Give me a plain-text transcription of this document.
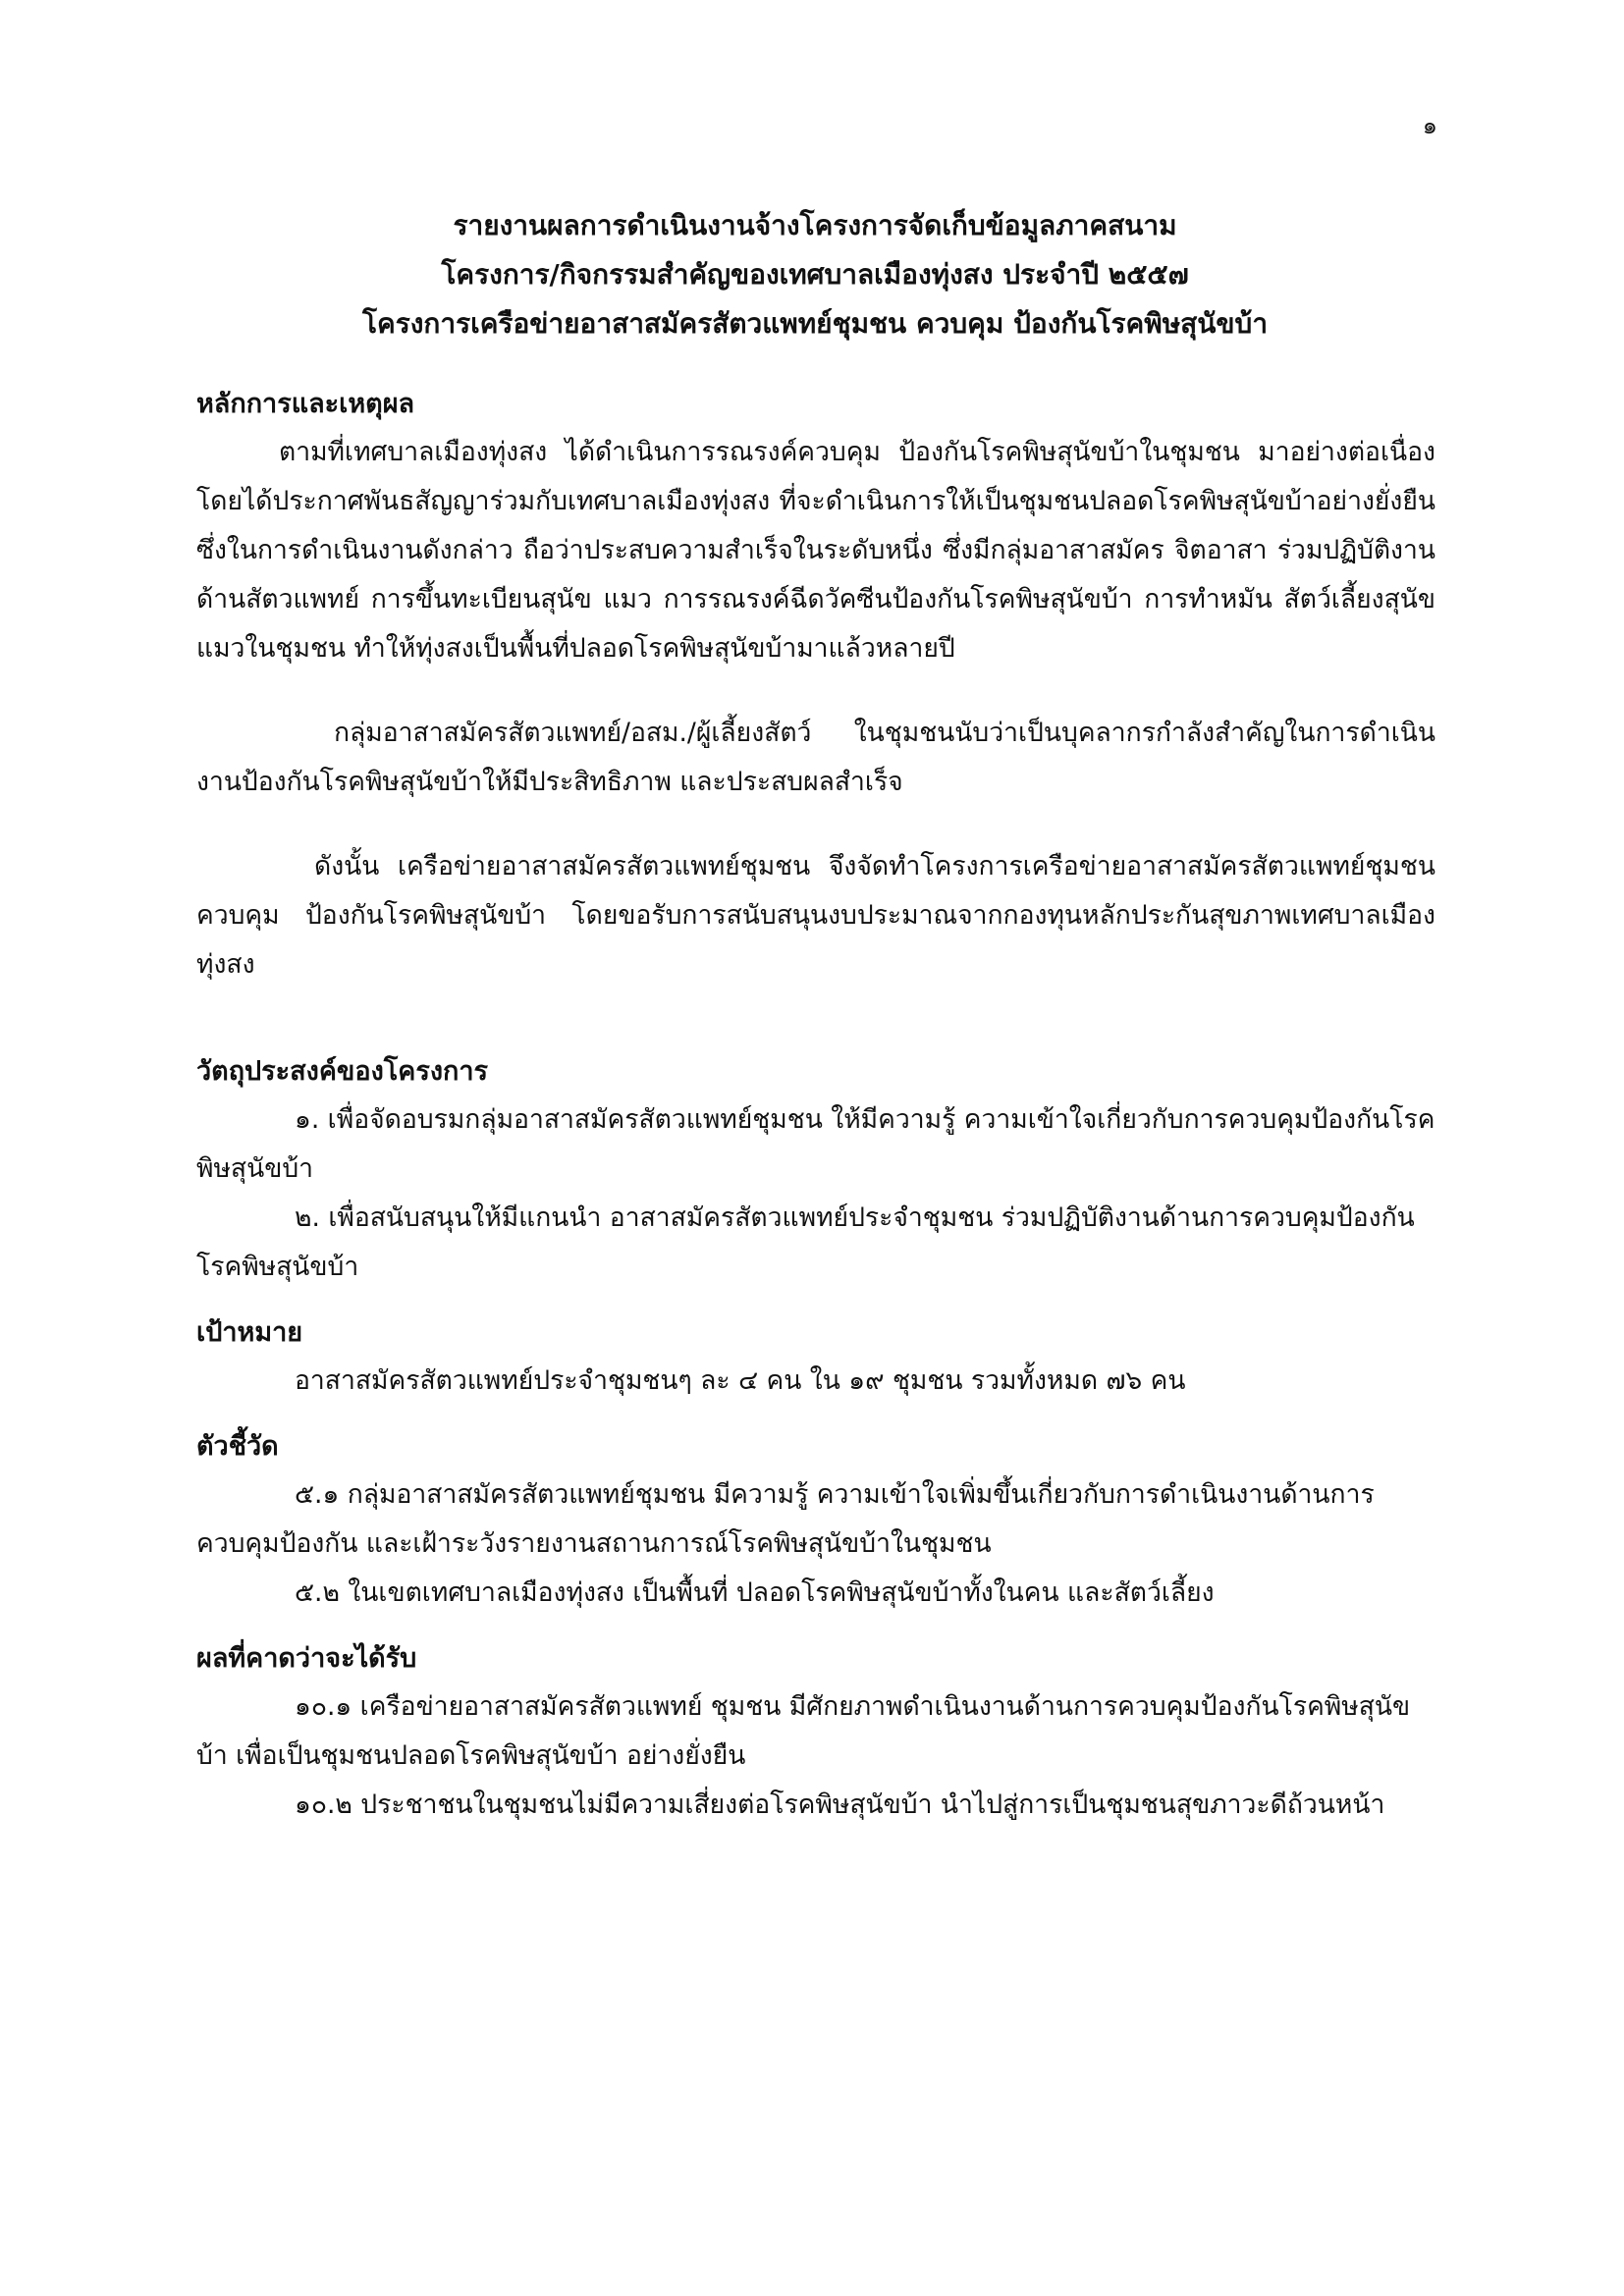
๑
รายงานผลการดำเนินงานจ้างโครงการจัดเก็บข้อมูลภาคสนาม
โครงการ/กิจกรรมสำคัญของเทศบาลเมืองทุ่งสง ประจำปี ๒๕๕๗
โครงการเครือข่ายอาสาสมัครสัตวแพทย์ชุมชน ควบคุม ป้องกันโรคพิษสุนัขบ้า

หลักการและเหตุผล

ตามที่เทศบาลเมืองทุ่งสง ได้ดำเนินการรณรงค์ควบคุม ป้องกันโรคพิษสุนัขบ้าในชุมชน มาอย่างต่อเนื่อง โดยได้ประกาศพันธสัญญาร่วมกับเทศบาลเมืองทุ่งสง ที่จะดำเนินการให้เป็นชุมชนปลอดโรคพิษสุนัขบ้าอย่างยั่งยืน ซึ่งในการดำเนินงานดังกล่าว ถือว่าประสบความสำเร็จในระดับหนึ่ง ซึ่งมีกลุ่มอาสาสมัคร จิตอาสา ร่วมปฏิบัติงานด้านสัตวแพทย์ การขึ้นทะเบียนสุนัข แมว การรณรงค์ฉีดวัคซีนป้องกันโรคพิษสุนัขบ้า การทำหมัน สัตว์เลี้ยงสุนัข แมวในชุมชน ทำให้ทุ่งสงเป็นพื้นที่ปลอดโรคพิษสุนัขบ้ามาแล้วหลายปี

กลุ่มอาสาสมัครสัตวแพทย์/อสม./ผู้เลี้ยงสัตว์ ในชุมชนนับว่าเป็นบุคลากรกำลังสำคัญในการดำเนินงานป้องกันโรคพิษสุนัขบ้าให้มีประสิทธิภาพ และประสบผลสำเร็จ

ดังนั้น เครือข่ายอาสาสมัครสัตวแพทย์ชุมชน จึงจัดทำโครงการเครือข่ายอาสาสมัครสัตวแพทย์ชุมชน ควบคุม ป้องกันโรคพิษสุนัขบ้า โดยขอรับการสนับสนุนงบประมาณจากกองทุนหลักประกันสุขภาพเทศบาลเมืองทุ่งสง

วัตถุประสงค์ของโครงการ

๑. เพื่อจัดอบรมกลุ่มอาสาสมัครสัตวแพทย์ชุมชน ให้มีความรู้ ความเข้าใจเกี่ยวกับการควบคุมป้องกันโรคพิษสุนัขบ้า

๒. เพื่อสนับสนุนให้มีแกนนำ อาสาสมัครสัตวแพทย์ประจำชุมชน ร่วมปฏิบัติงานด้านการควบคุมป้องกันโรคพิษสุนัขบ้า

เป้าหมาย

อาสาสมัครสัตวแพทย์ประจำชุมชนๆ ละ ๔ คน ใน ๑๙ ชุมชน รวมทั้งหมด ๗๖ คน

ตัวชี้วัด

๕.๑ กลุ่มอาสาสมัครสัตวแพทย์ชุมชน มีความรู้ ความเข้าใจเพิ่มขึ้นเกี่ยวกับการดำเนินงานด้านการควบคุมป้องกัน และเฝ้าระวังรายงานสถานการณ์โรคพิษสุนัขบ้าในชุมชน

๕.๒ ในเขตเทศบาลเมืองทุ่งสง เป็นพื้นที่ ปลอดโรคพิษสุนัขบ้าทั้งในคน และสัตว์เลี้ยง

ผลที่คาดว่าจะได้รับ

๑๐.๑ เครือข่ายอาสาสมัครสัตวแพทย์ ชุมชน มีศักยภาพดำเนินงานด้านการควบคุมป้องกันโรคพิษสุนัขบ้า เพื่อเป็นชุมชนปลอดโรคพิษสุนัขบ้า อย่างยั่งยืน

๑๐.๒ ประชาชนในชุมชนไม่มีความเสี่ยงต่อโรคพิษสุนัขบ้า นำไปสู่การเป็นชุมชนสุขภาวะดีถ้วนหน้า
